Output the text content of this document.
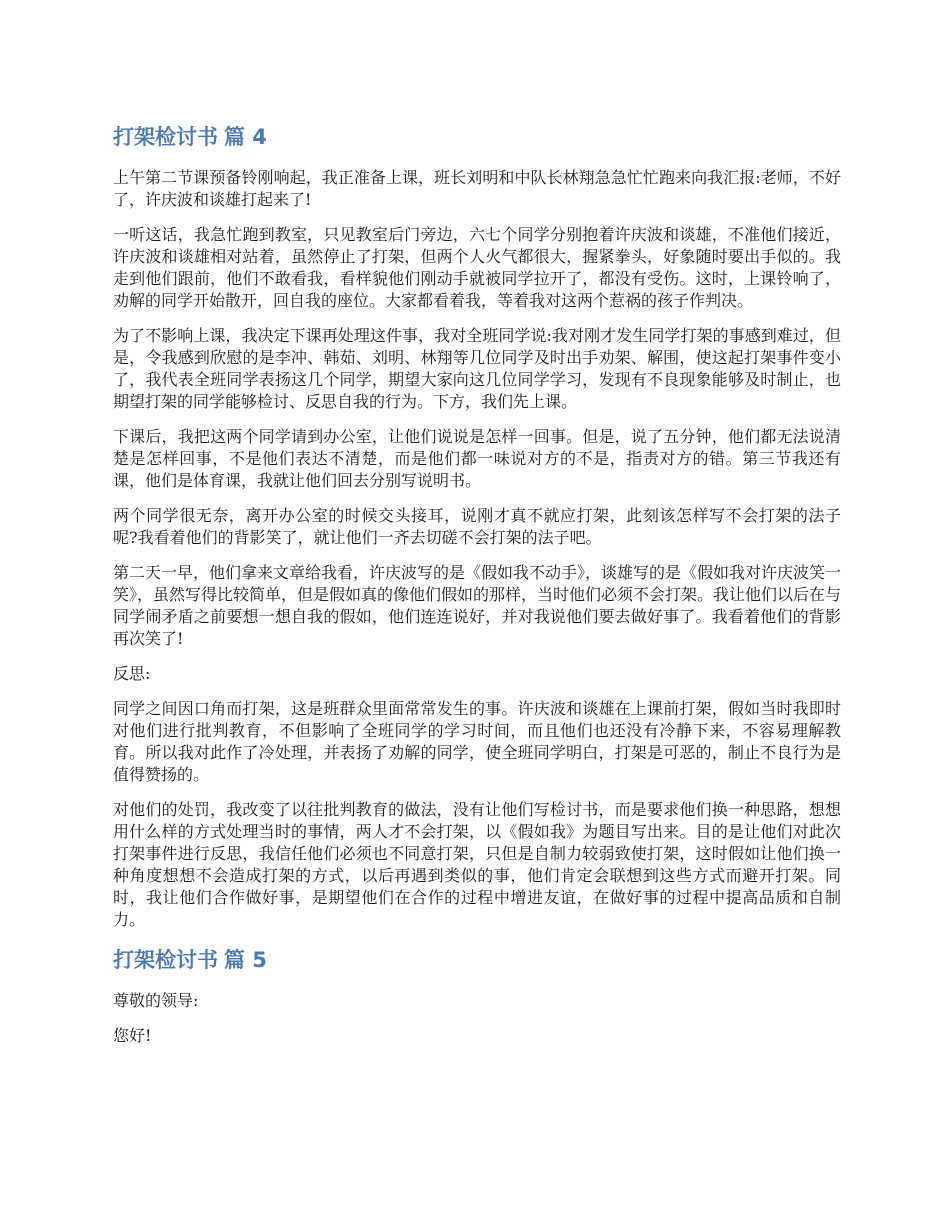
打架检讨书 篇 4

上午第二节课预备铃刚响起，我正准备上课，班长刘明和中队长林翔急急忙忙跑来向我汇报:老师，不好了，许庆波和谈雄打起来了!

一听这话，我急忙跑到教室，只见教室后门旁边，六七个同学分别抱着许庆波和谈雄，不准他们接近，许庆波和谈雄相对站着，虽然停止了打架，但两个人火气都很大，握紧拳头，好象随时要出手似的。我走到他们跟前，他们不敢看我，看样貌他们刚动手就被同学拉开了，都没有受伤。这时，上课铃响了，劝解的同学开始散开，回自我的座位。大家都看着我，等着我对这两个惹祸的孩子作判决。

为了不影响上课，我决定下课再处理这件事，我对全班同学说:我对刚才发生同学打架的事感到难过，但是，令我感到欣慰的是李冲、韩茹、刘明、林翔等几位同学及时出手劝架、解围，使这起打架事件变小了，我代表全班同学表扬这几个同学，期望大家向这几位同学学习，发现有不良现象能够及时制止，也期望打架的同学能够检讨、反思自我的行为。下方，我们先上课。

下课后，我把这两个同学请到办公室，让他们说说是怎样一回事。但是，说了五分钟，他们都无法说清楚是怎样回事，不是他们表达不清楚，而是他们都一味说对方的不是，指责对方的错。第三节我还有课，他们是体育课，我就让他们回去分别写说明书。

两个同学很无奈，离开办公室的时候交头接耳，说刚才真不就应打架，此刻该怎样写不会打架的法子呢?我看着他们的背影笑了，就让他们一齐去切磋不会打架的法子吧。

第二天一早，他们拿来文章给我看，许庆波写的是《假如我不动手》，谈雄写的是《假如我对许庆波笑一笑》，虽然写得比较简单，但是假如真的像他们假如的那样，当时他们必须不会打架。我让他们以后在与同学闹矛盾之前要想一想自我的假如，他们连连说好，并对我说他们要去做好事了。我看着他们的背影再次笑了!

反思:

同学之间因口角而打架，这是班群众里面常常发生的事。许庆波和谈雄在上课前打架，假如当时我即时对他们进行批判教育，不但影响了全班同学的学习时间，而且他们也还没有冷静下来，不容易理解教育。所以我对此作了冷处理，并表扬了劝解的同学，使全班同学明白，打架是可恶的，制止不良行为是值得赞扬的。

对他们的处罚，我改变了以往批判教育的做法，没有让他们写检讨书，而是要求他们换一种思路，想想用什么样的方式处理当时的事情，两人才不会打架，以《假如我》为题目写出来。目的是让他们对此次打架事件进行反思，我信任他们必须也不同意打架，只但是自制力较弱致使打架，这时假如让他们换一种角度想想不会造成打架的方式，以后再遇到类似的事，他们肯定会联想到这些方式而避开打架。同时，我让他们合作做好事，是期望他们在合作的过程中增进友谊，在做好事的过程中提高品质和自制力。

打架检讨书 篇 5

尊敬的领导:

您好!
